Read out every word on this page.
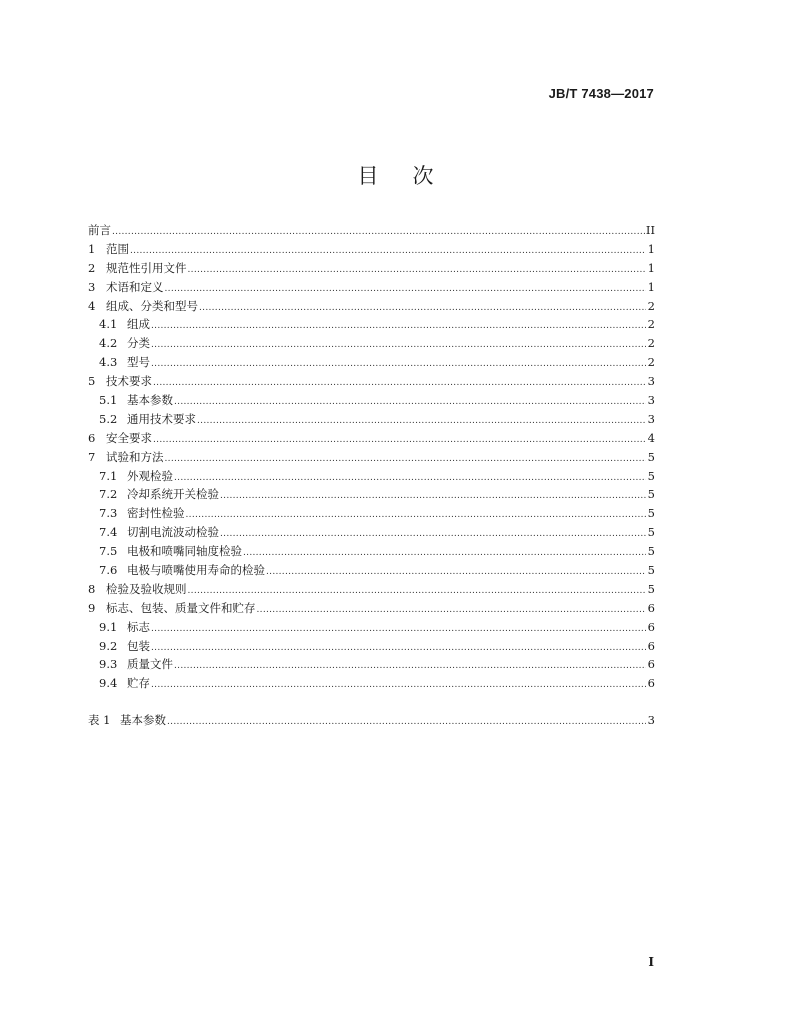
JB/T 7438—2017
目 次
前言 .....	II
1 范围 .....	1
2 规范性引用文件 .....	1
3 术语和定义 .....	1
4 组成、分类和型号 .....	2
4.1 组成 .....	2
4.2 分类 .....	2
4.3 型号 .....	2
5 技术要求 .....	3
5.1 基本参数 .....	3
5.2 通用技术要求 .....	3
6 安全要求 .....	4
7 试验和方法 .....	5
7.1 外观检验 .....	5
7.2 冷却系统开关检验 .....	5
7.3 密封性检验 .....	5
7.4 切割电流波动检验 .....	5
7.5 电极和喷嘴同轴度检验 .....	5
7.6 电极与喷嘴使用寿命的检验 .....	5
8 检验及验收规则 .....	5
9 标志、包装、质量文件和贮存 .....	6
9.1 标志 .....	6
9.2 包装 .....	6
9.3 质量文件 .....	6
9.4 贮存 .....	6
表 1 基本参数 .....	3
I
